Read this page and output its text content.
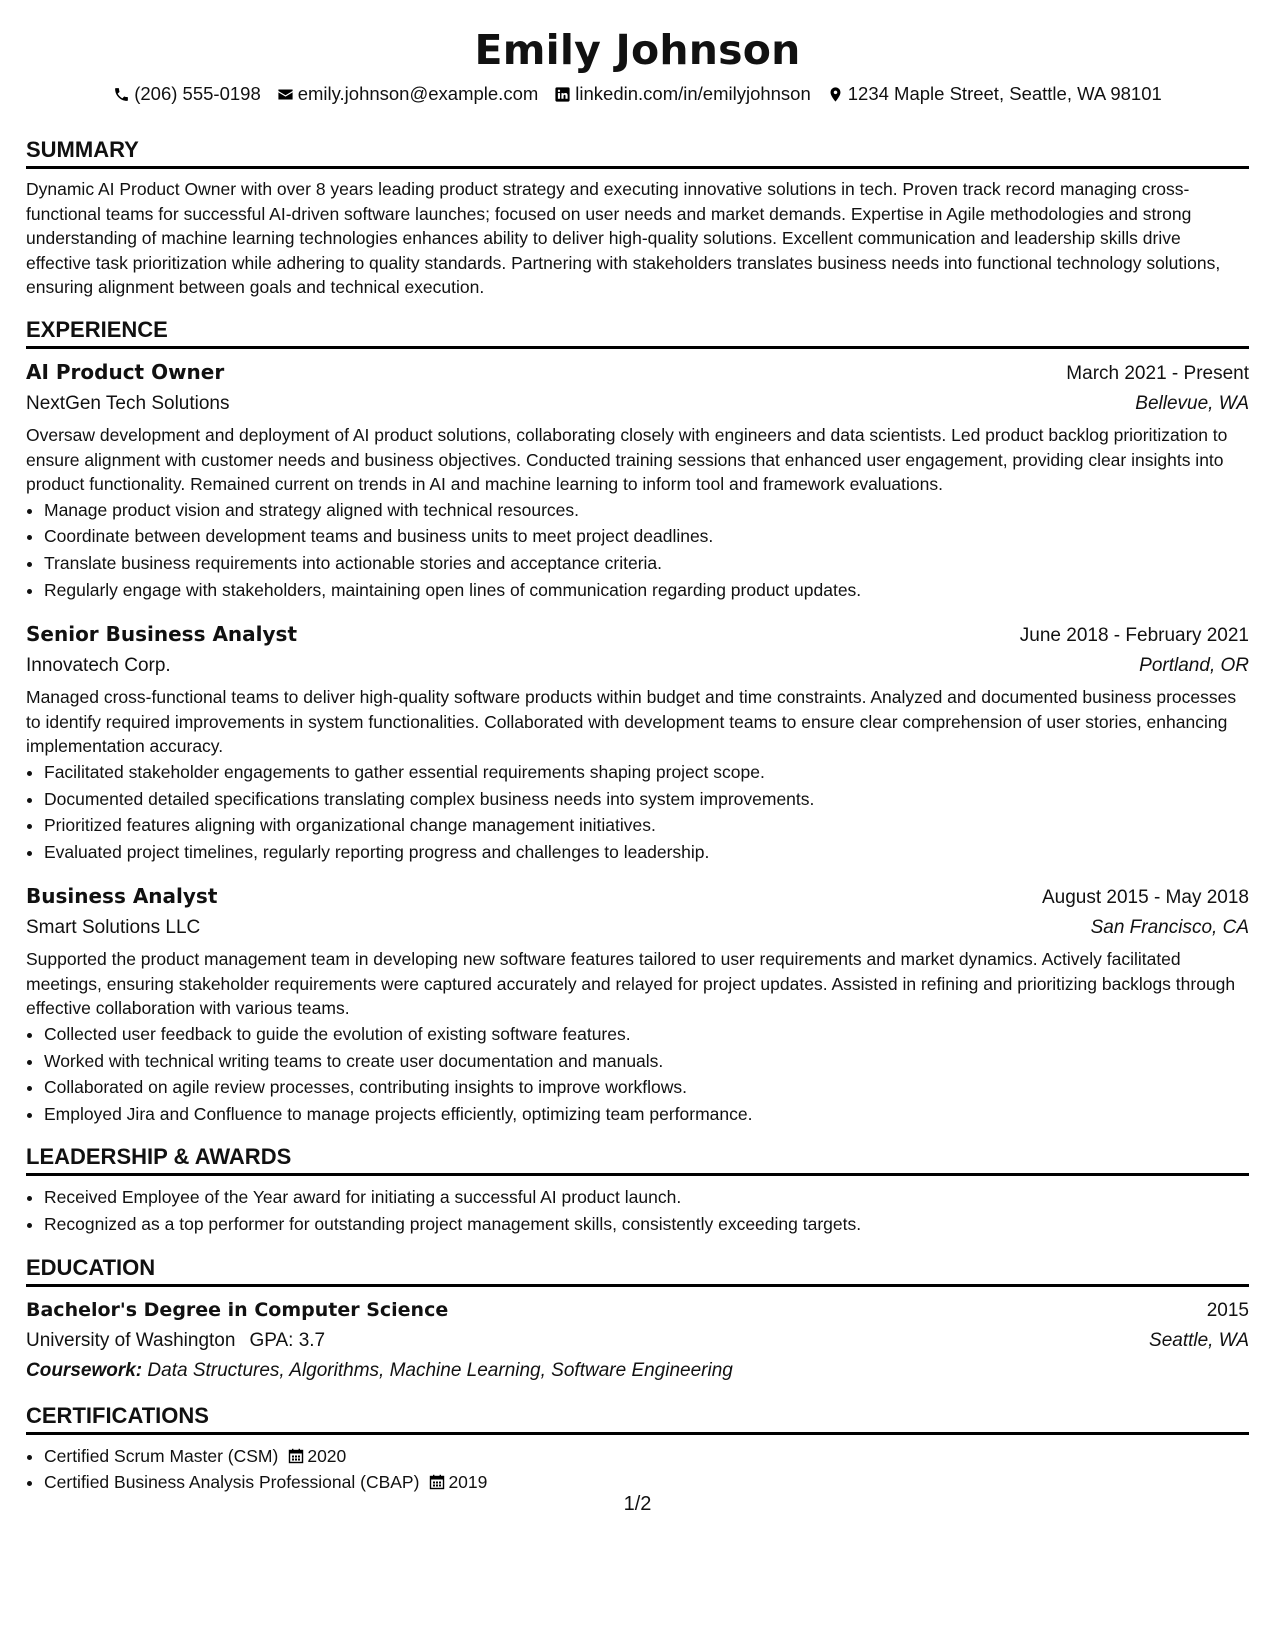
Emily Johnson
(206) 555-0198 emily.johnson@example.com linkedin.com/in/emilyjohnson 1234 Maple Street, Seattle, WA 98101
SUMMARY

Dynamic AI Product Owner with over 8 years leading product strategy and executing innovative solutions in tech. Proven track record managing cross-functional teams for successful AI-driven software launches; focused on user needs and market demands. Expertise in Agile methodologies and strong understanding of machine learning technologies enhances ability to deliver high-quality solutions. Excellent communication and leadership skills drive effective task prioritization while adhering to quality standards. Partnering with stakeholders translates business needs into functional technology solutions, ensuring alignment between goals and technical execution.

EXPERIENCE
AI Product Owner	March 2021 - Present
NextGen Tech Solutions	Bellevue, WA

Oversaw development and deployment of AI product solutions, collaborating closely with engineers and data scientists. Led product backlog prioritization to ensure alignment with customer needs and business objectives. Conducted training sessions that enhanced user engagement, providing clear insights into product functionality. Remained current on trends in AI and machine learning to inform tool and framework evaluations.

• Manage product vision and strategy aligned with technical resources.
• Coordinate between development teams and business units to meet project deadlines.
• Translate business requirements into actionable stories and acceptance criteria.
• Regularly engage with stakeholders, maintaining open lines of communication regarding product updates.
Senior Business Analyst	June 2018 - February 2021
Innovatech Corp.	Portland, OR

Managed cross-functional teams to deliver high-quality software products within budget and time constraints. Analyzed and documented business processes to identify required improvements in system functionalities. Collaborated with development teams to ensure clear comprehension of user stories, enhancing implementation accuracy.

• Facilitated stakeholder engagements to gather essential requirements shaping project scope.
• Documented detailed specifications translating complex business needs into system improvements.
• Prioritized features aligning with organizational change management initiatives.
• Evaluated project timelines, regularly reporting progress and challenges to leadership.
Business Analyst	August 2015 - May 2018
Smart Solutions LLC	San Francisco, CA

Supported the product management team in developing new software features tailored to user requirements and market dynamics. Actively facilitated meetings, ensuring stakeholder requirements were captured accurately and relayed for project updates. Assisted in refining and prioritizing backlogs through effective collaboration with various teams.

• Collected user feedback to guide the evolution of existing software features.
• Worked with technical writing teams to create user documentation and manuals.
• Collaborated on agile review processes, contributing insights to improve workflows.
• Employed Jira and Confluence to manage projects efficiently, optimizing team performance.
LEADERSHIP & AWARDS
• Received Employee of the Year award for initiating a successful AI product launch.
• Recognized as a top performer for outstanding project management skills, consistently exceeding targets.
EDUCATION
Bachelor's Degree in Computer Science	2015
University of Washington GPA: 3.7	Seattle, WA
Coursework: Data Structures, Algorithms, Machine Learning, Software Engineering
CERTIFICATIONS
• Certified Scrum Master (CSM) 2020
• Certified Business Analysis Professional (CBAP) 2019
1/2
